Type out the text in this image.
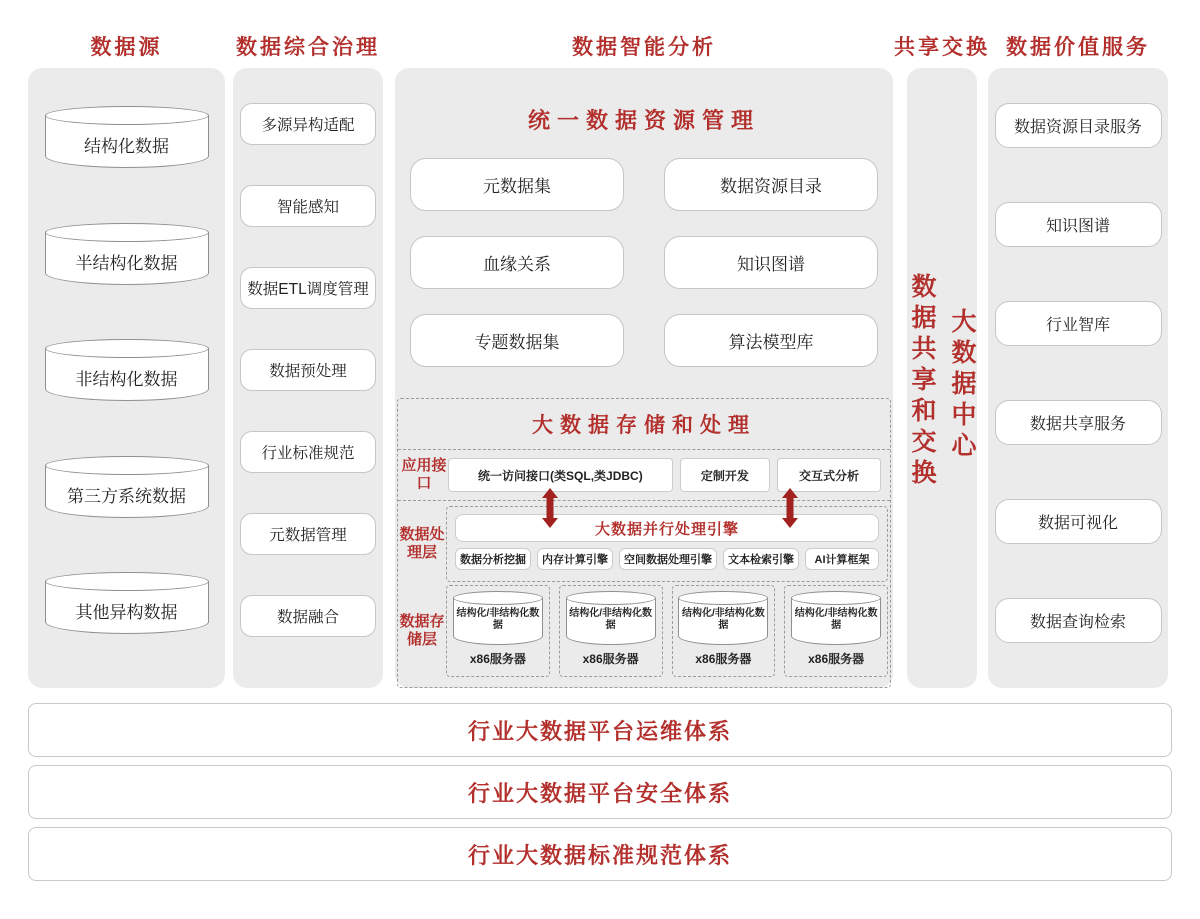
数据源	数据综合治理	数据智能分析	共享交换 数据价值服务
结构化数据
半结构化数据
非结构化数据
第三方系统数据
其他异构数据
多源异构适配
智能感知
数据ETL调度管理
数据预处理
行业标准规范
元数据管理
数据融合
统一数据资源管理
元数据集	数据资源目录
血缘关系	知识图谱
专题数据集	算法模型库
大数据存储和处理
应用接口	统一访问接口(类SQL,类JDBC)	定制开发	交互式分析
数据处理层
大数据并行处理引擎
数据分析挖掘	内存计算引擎	空间数据处理引擎	文本检索引擎	AI计算框架
数据存储层
结构化/非结构化数据
x86服务器
结构化/非结构化数据
x86服务器
结构化/非结构化数据
x86服务器
结构化/非结构化数据
x86服务器
数据共享和交换 大数据中心
数据资源目录服务
知识图谱
行业智库
数据共享服务
数据可视化
数据查询检索
行业大数据平台运维体系
行业大数据平台安全体系
行业大数据标准规范体系
